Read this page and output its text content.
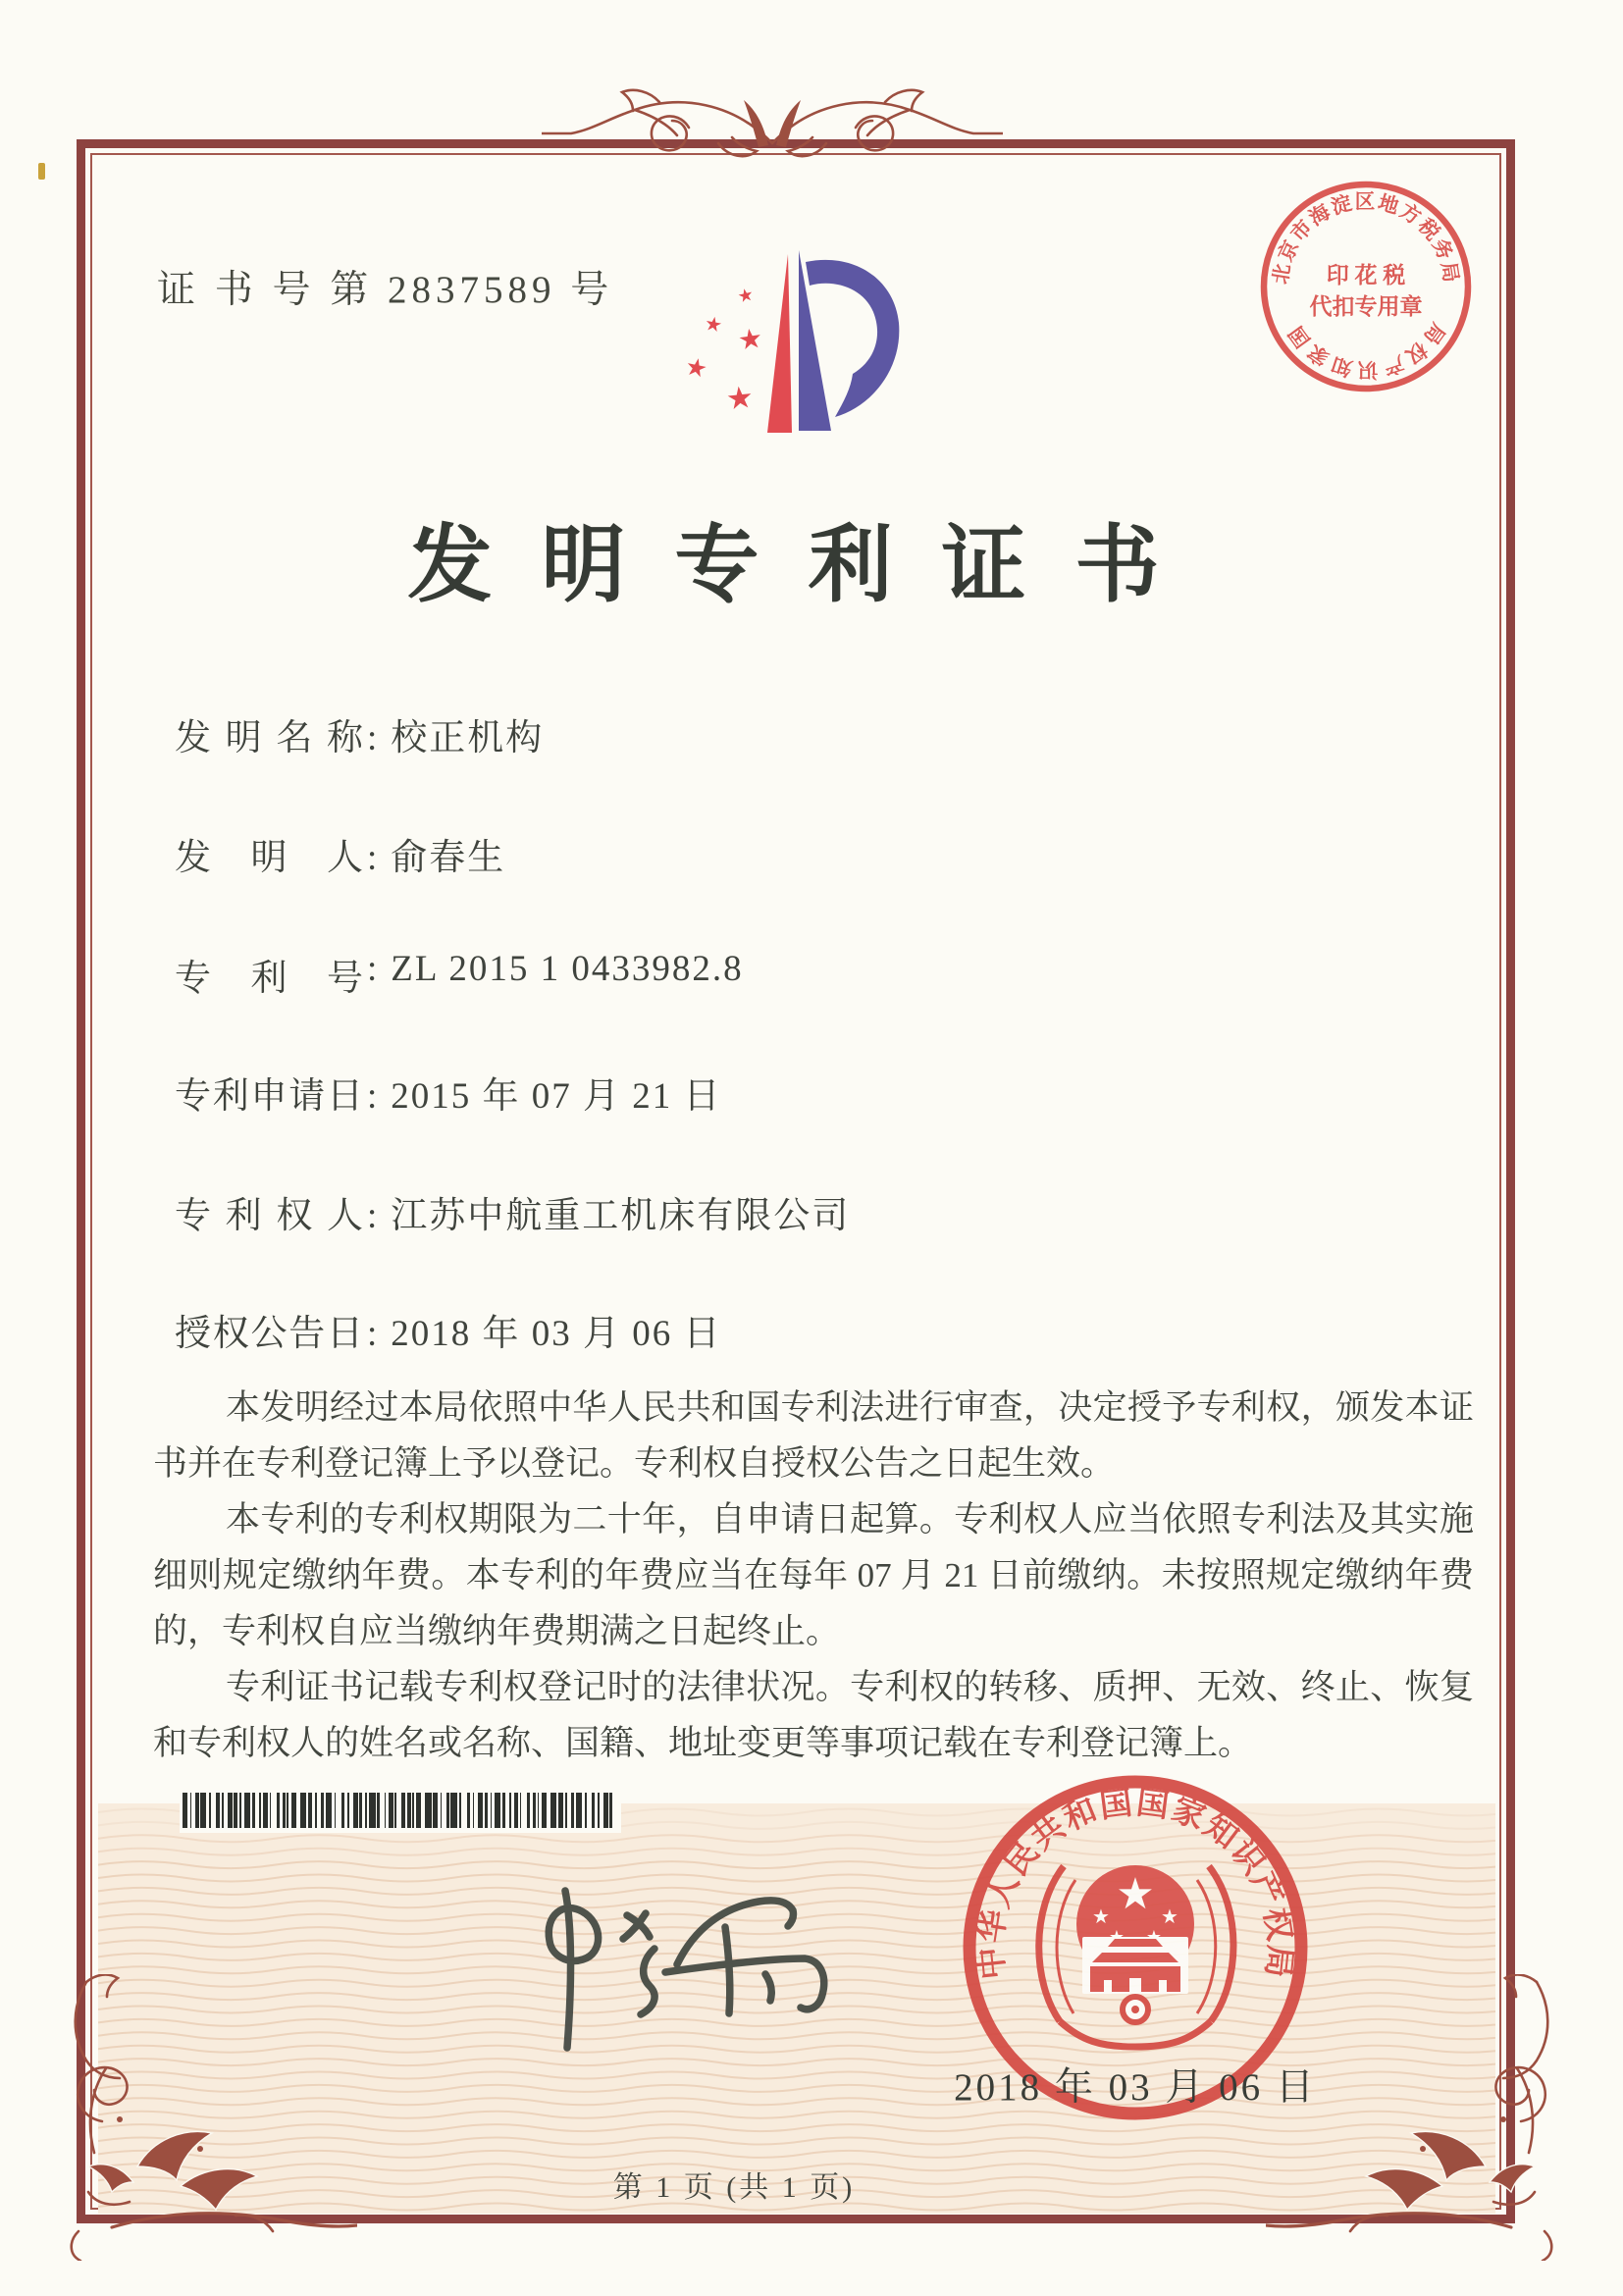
证 书 号 第 2837589 号	★
★ ★
★
★
北京市海淀区地方税务局
局权产识知家国
印 花 税
代扣专用章
发明专利证书
发 明 名 称 : 校正机构
发 明 人 : 俞春生
专 利 号 : ZL 2015 1 0433982.8
专 利 申 请 日 : 2015 年 07 月 21 日
专 利 权 人 : 江苏中航重工机床有限公司
授 权 公 告 日 : 2018 年 03 月 06 日

本发明经过本局依照中华人民共和国专利法进行审查，决定授予专利权，颁发本证书并在专利登记簿上予以登记。专利权自授权公告之日起生效。

本专利的专利权期限为二十年，自申请日起算。专利权人应当依照专利法及其实施细则规定缴纳年费。本专利的年费应当在每年 07 月 21 日前缴纳。未按照规定缴纳年费的，专利权自应当缴纳年费期满之日起终止。

专利证书记载专利权登记时的法律状况。专利权的转移、质押、无效、终止、恢复和专利权人的姓名或名称、国籍、地址变更等事项记载在专利登记簿上。

中华人民共和国国家知识产权局
★
★	★
2018 年 03 月 06 日
第 1 页 (共 1 页)
